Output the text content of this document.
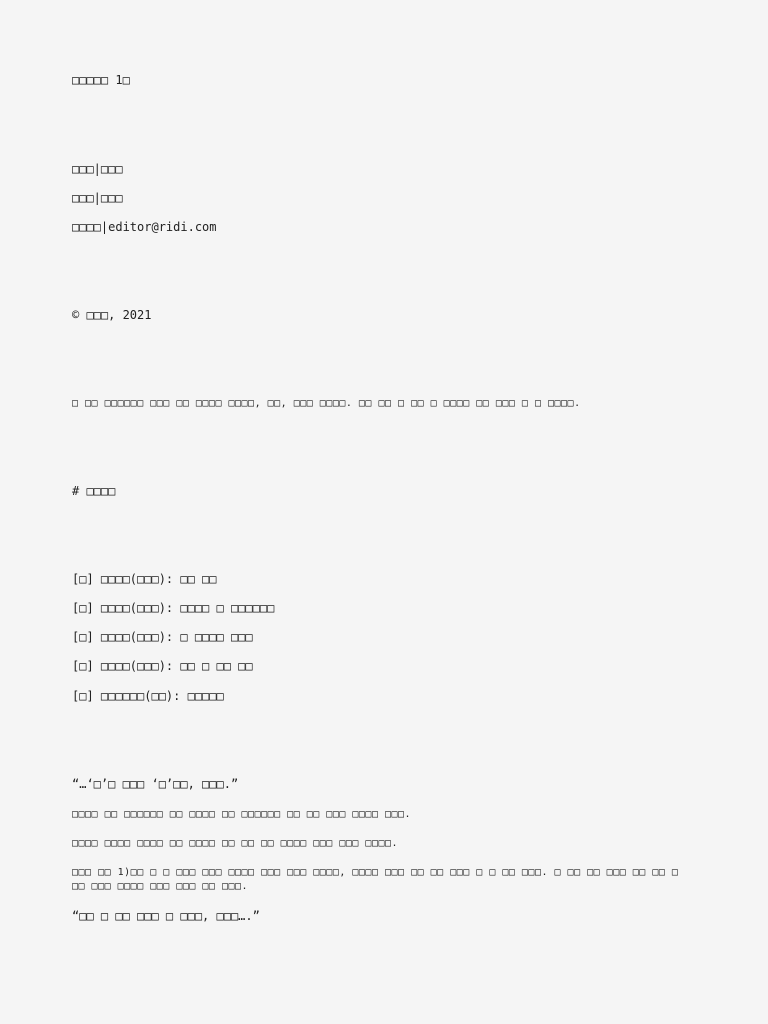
□□□□□ 1□
□□□|□□□
□□□|□□□
□□□□|editor@ridi.com
© □□□, 2021
□ □□ □□□□□□ □□□ □□ □□□□ □□□□, □□, □□□ □□□□. □□ □□ □ □□ □ □□□□ □□ □□□ □ □ □□□□.
# □□□□
[□] □□□□(□□□): □□ □□
[□] □□□□(□□□): □□□□ □ □□□□□□
[□] □□□□(□□□): □ □□□□ □□□
[□] □□□□(□□□): □□ □ □□ □□
[□] □□□□□□(□□): □□□□□
“…‘□’□ □□□ ‘□’□□, □□□.”
□□□□ □□ □□□□□□ □□ □□□□ □□ □□□□□□ □□ □□ □□□ □□□□ □□□.
□□□□ □□□□ □□□□ □□ □□□□ □□ □□ □□ □□□□ □□□ □□□ □□□□.
□□□ □□ 1)□□ □ □ □□□ □□□ □□□□ □□□ □□□ □□□□, □□□□ □□□ □□ □□ □□□ □ □ □□ □□□. □ □□ □□ □□□ □□ □□ □□□ □□□ □□□□ □□□ □□□ □□ □□□.
“□□ □ □□ □□□ □ □□□, □□□….”
